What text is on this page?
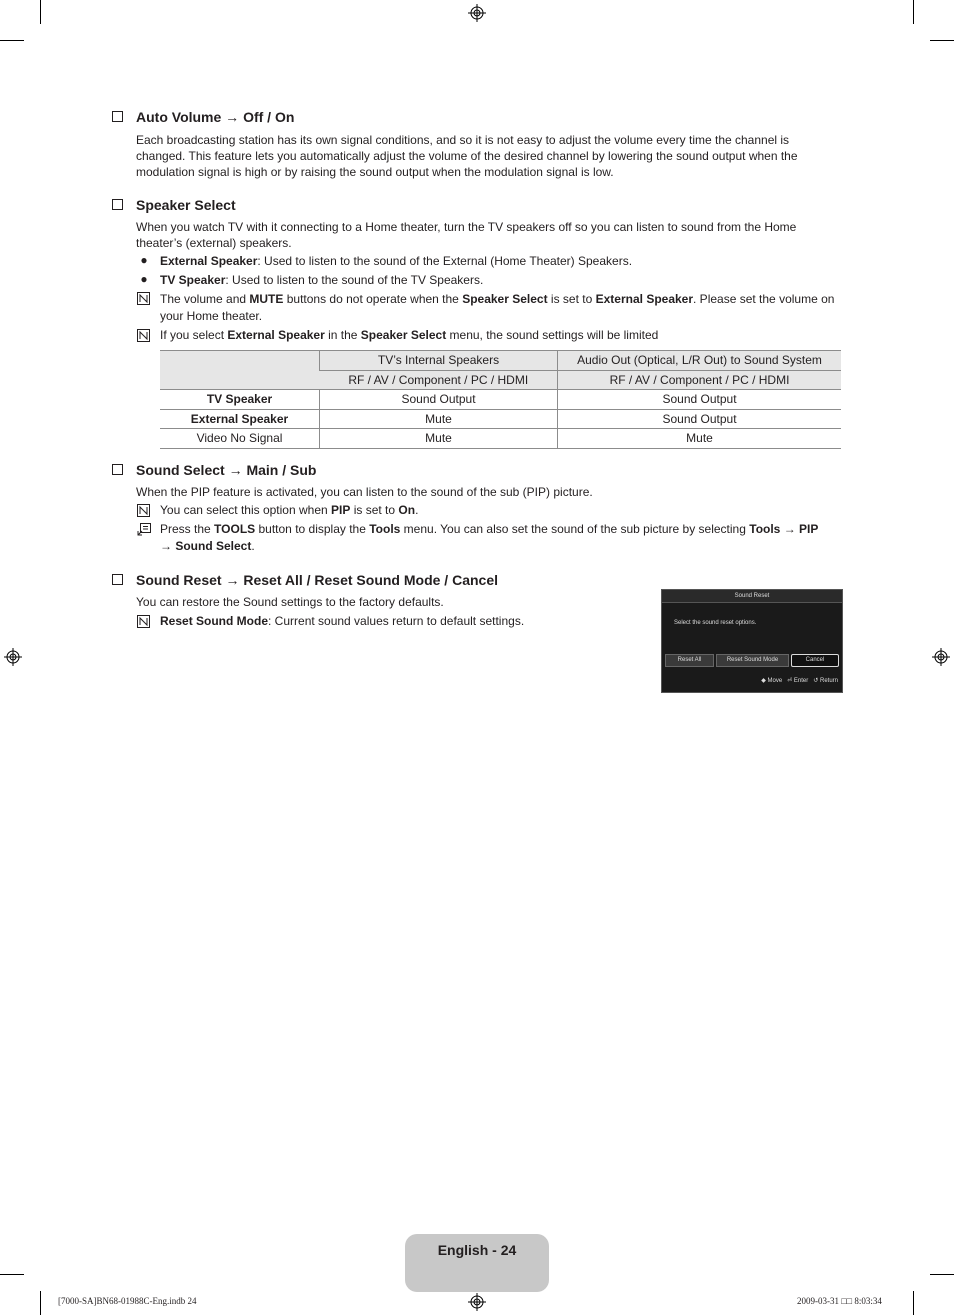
Auto Volume → Off / On
Each broadcasting station has its own signal conditions, and so it is not easy to adjust the volume every time the channel is changed. This feature lets you automatically adjust the volume of the desired channel by lowering the sound output when the modulation signal is high or by raising the sound output when the modulation signal is low.
Speaker Select
When you watch TV with it connecting to a Home theater, turn the TV speakers off so you can listen to sound from the Home theater’s (external) speakers.
● External Speaker: Used to listen to the sound of the External (Home Theater) Speakers.
● TV Speaker: Used to listen to the sound of the TV Speakers.
The volume and MUTE buttons do not operate when the Speaker Select is set to External Speaker. Please set the volume on your Home theater.
If you select External Speaker in the Speaker Select menu, the sound settings will be limited
	TV’s Internal Speakers	Audio Out (Optical, L/R Out) to Sound System
	RF / AV / Component / PC / HDMI	RF / AV / Component / PC / HDMI
TV Speaker	Sound Output	Sound Output
External Speaker	Mute	Sound Output
Video No Signal	Mute	Mute
Sound Select → Main / Sub
When the PIP feature is activated, you can listen to the sound of the sub (PIP) picture.
You can select this option when PIP is set to On.
Press the TOOLS button to display the Tools menu. You can also set the sound of the sub picture by selecting Tools → PIP
→ Sound Select.
Sound Reset → Reset All / Reset Sound Mode / Cancel
You can restore the Sound settings to the factory defaults.
Reset Sound Mode: Current sound values return to default settings.
Sound Reset
Select the sound reset options.
Reset All	Reset Sound Mode	Cancel
◆ Move ⏎ Enter ↺ Return
English - 24
[7000-SA]BN68-01988C-Eng.indb 24	2009-03-31 □□ 8:03:34
